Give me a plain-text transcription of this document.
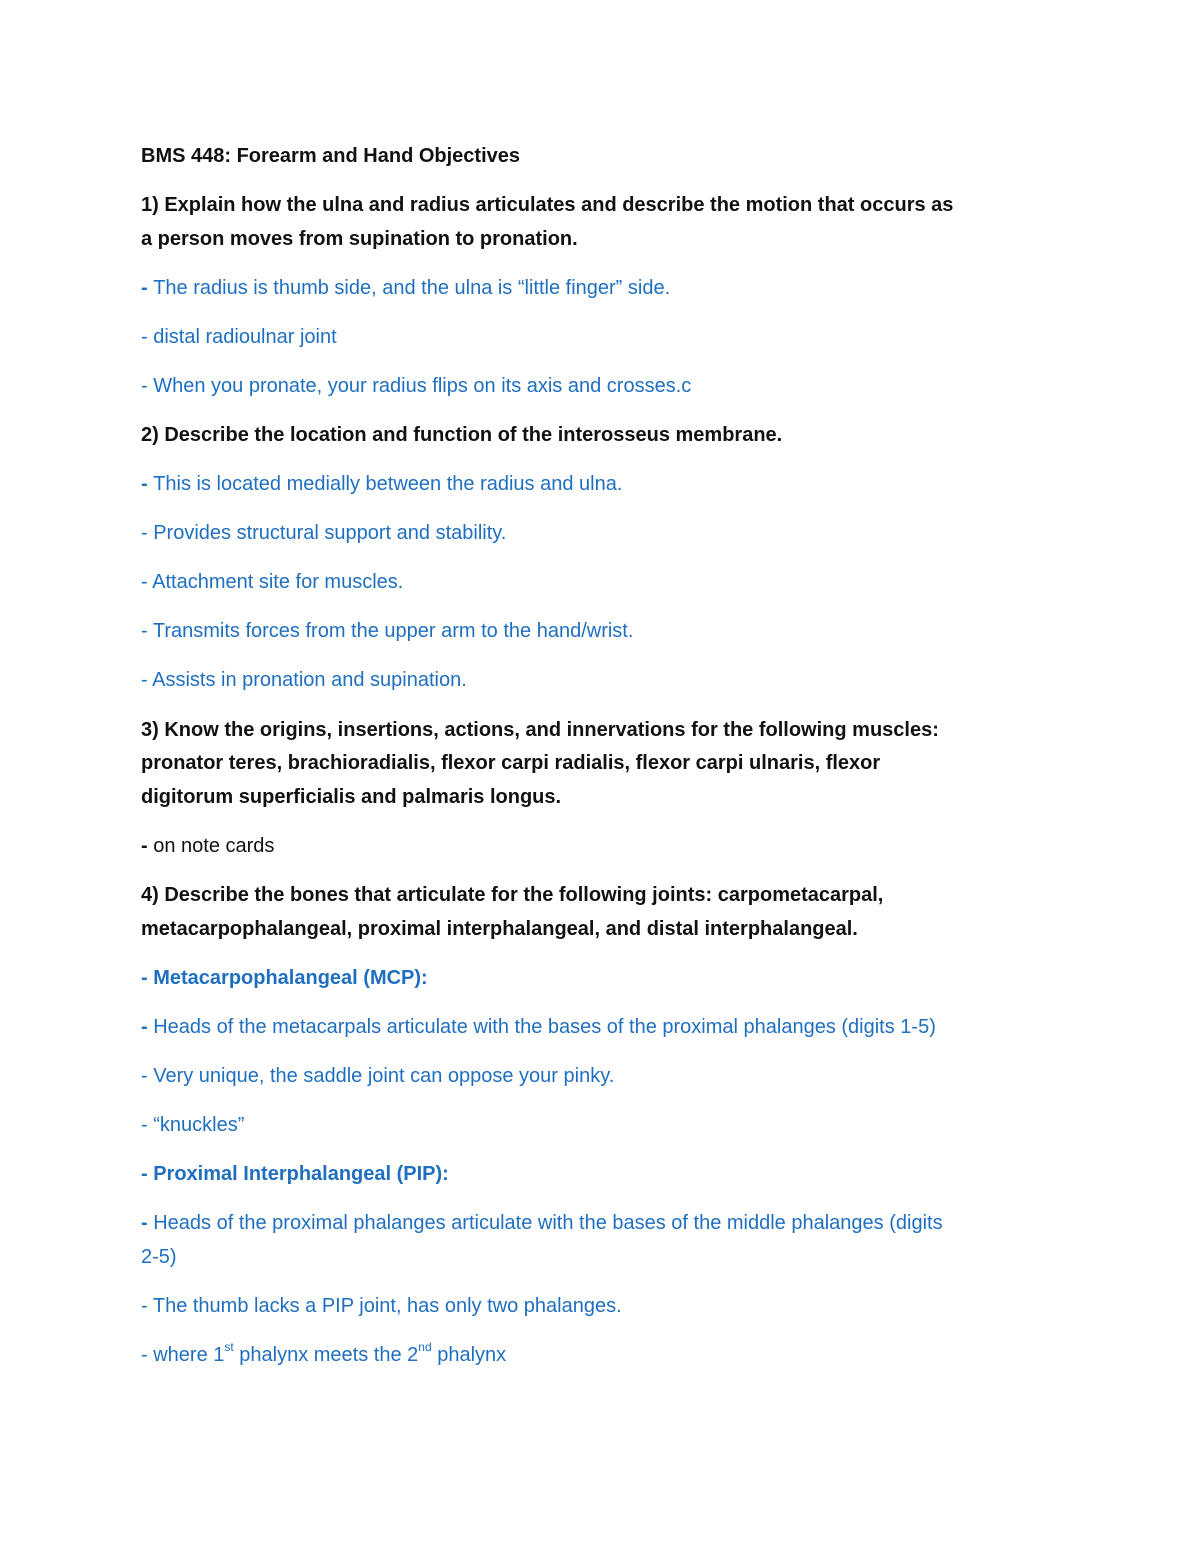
BMS 448: Forearm and Hand Objectives

1) Explain how the ulna and radius articulates and describe the motion that occurs as

a person moves from supination to pronation.

- The radius is thumb side, and the ulna is “little finger” side.

- distal radioulnar joint

- When you pronate, your radius flips on its axis and crosses.c

2) Describe the location and function of the interosseus membrane.

- This is located medially between the radius and ulna.

- Provides structural support and stability.

- Attachment site for muscles.

- Transmits forces from the upper arm to the hand/wrist.

- Assists in pronation and supination.

3) Know the origins, insertions, actions, and innervations for the following muscles:

pronator teres, brachioradialis, flexor carpi radialis, flexor carpi ulnaris, flexor

digitorum superficialis and palmaris longus.

- on note cards

4) Describe the bones that articulate for the following joints: carpometacarpal,

metacarpophalangeal, proximal interphalangeal, and distal interphalangeal.

- Metacarpophalangeal (MCP):

- Heads of the metacarpals articulate with the bases of the proximal phalanges (digits 1-5)

- Very unique, the saddle joint can oppose your pinky.

- “knuckles”

- Proximal Interphalangeal (PIP):

- Heads of the proximal phalanges articulate with the bases of the middle phalanges (digits

2-5)

- The thumb lacks a PIP joint, has only two phalanges.

- where 1st phalynx meets the 2nd phalynx
